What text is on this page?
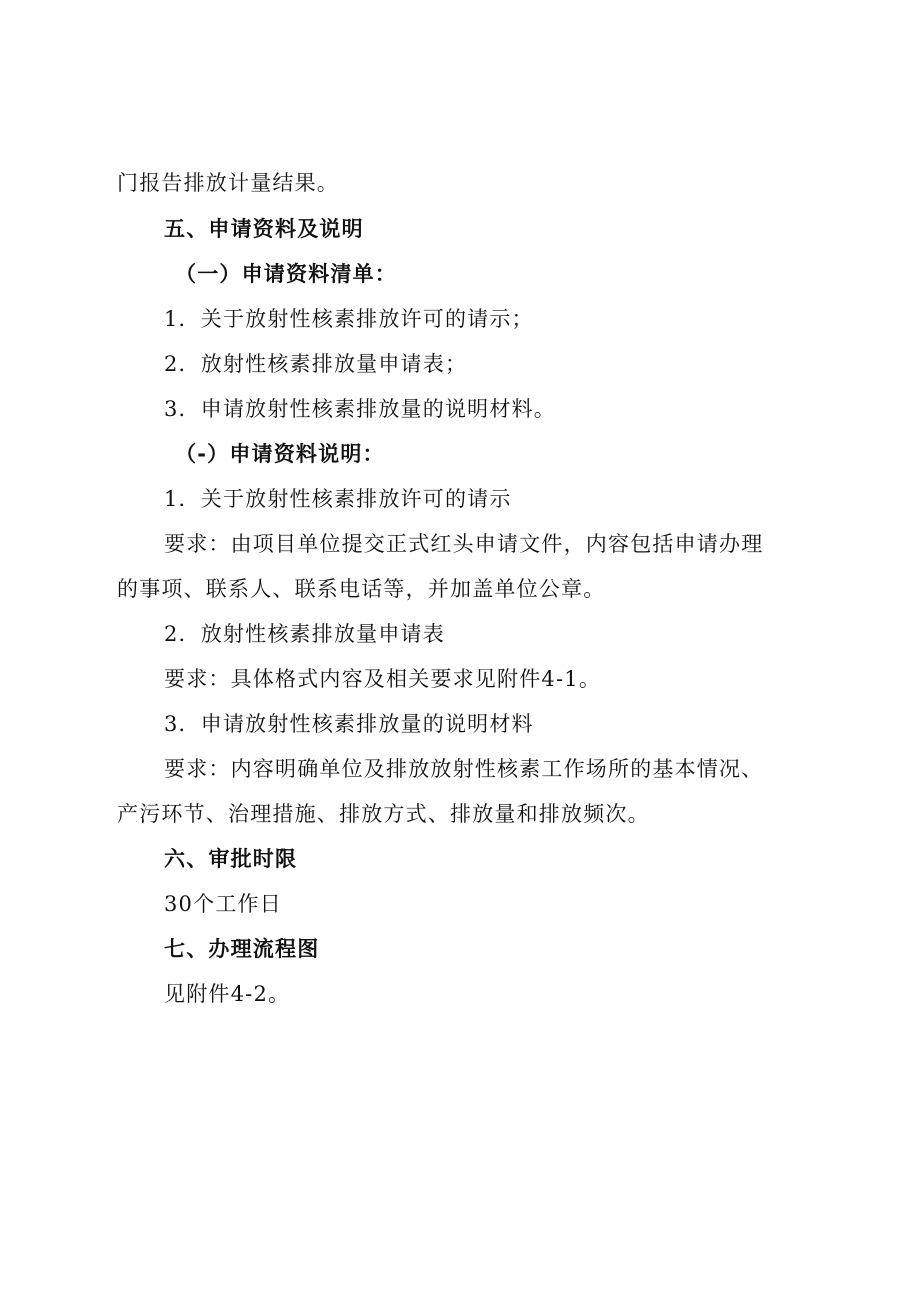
门报告排放计量结果。
五、申请资料及说明
（一）申请资料清单：
1．关于放射性核素排放许可的请示；
2．放射性核素排放量申请表；
3．申请放射性核素排放量的说明材料。
（-）申请资料说明：
1．关于放射性核素排放许可的请示
要求：由项目单位提交正式红头申请文件，内容包括申请办理
的事项、联系人、联系电话等，并加盖单位公章。
2．放射性核素排放量申请表
要求：具体格式内容及相关要求见附件4-1。
3．申请放射性核素排放量的说明材料
要求：内容明确单位及排放放射性核素工作场所的基本情况、
产污环节、治理措施、排放方式、排放量和排放频次。
六、审批时限
30个工作日
七、办理流程图
见附件4-2。
